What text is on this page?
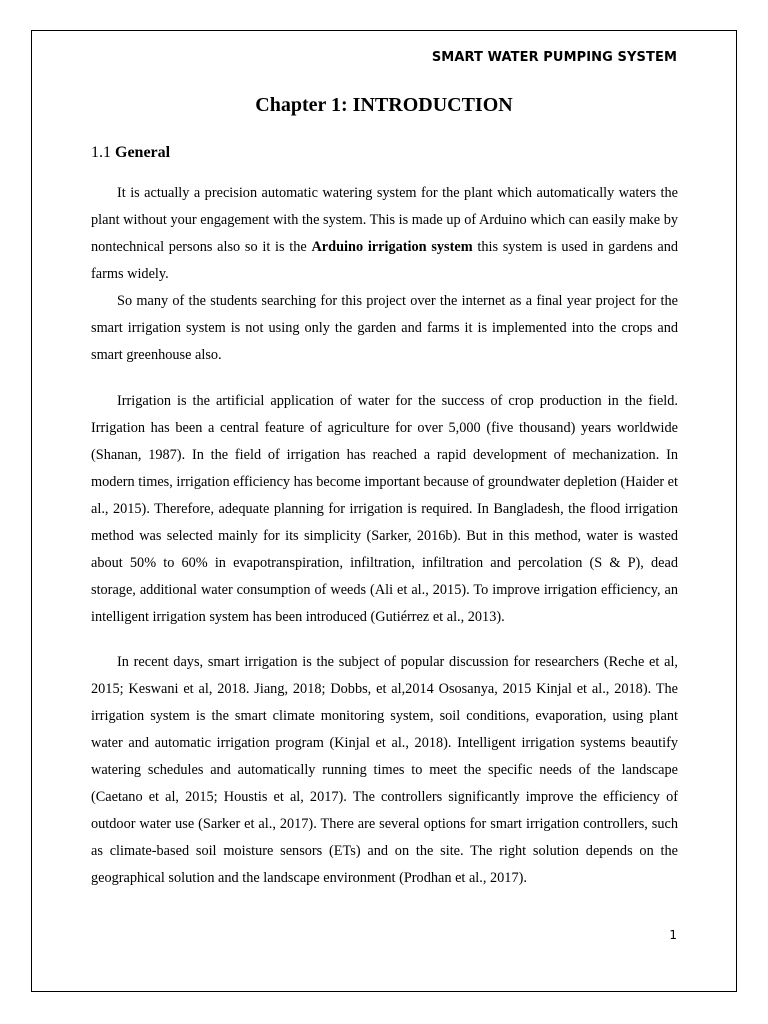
SMART WATER PUMPING SYSTEM
Chapter 1: INTRODUCTION
1.1 General

It is actually a precision automatic watering system for the plant which automatically waters the plant without your engagement with the system. This is made up of Arduino which can easily make by nontechnical persons also so it is the Arduino irrigation system this system is used in gardens and farms widely.

So many of the students searching for this project over the internet as a final year project for the smart irrigation system is not using only the garden and farms it is implemented into the crops and smart greenhouse also.

Irrigation is the artificial application of water for the success of crop production in the field. Irrigation has been a central feature of agriculture for over 5,000 (five thousand) years worldwide (Shanan, 1987). In the field of irrigation has reached a rapid development of mechanization. In modern times, irrigation efficiency has become important because of groundwater depletion (Haider et al., 2015). Therefore, adequate planning for irrigation is required. In Bangladesh, the flood irrigation method was selected mainly for its simplicity (Sarker, 2016b). But in this method, water is wasted about 50% to 60% in evapotranspiration, infiltration, infiltration and percolation (S & P), dead storage, additional water consumption of weeds (Ali et al., 2015). To improve irrigation efficiency, an intelligent irrigation system has been introduced (Gutiérrez et al., 2013).

In recent days, smart irrigation is the subject of popular discussion for researchers (Reche et al, 2015; Keswani et al, 2018. Jiang, 2018; Dobbs, et al,2014 Ososanya, 2015 Kinjal et al., 2018). The irrigation system is the smart climate monitoring system, soil conditions, evaporation, using plant water and automatic irrigation program (Kinjal et al., 2018). Intelligent irrigation systems beautify watering schedules and automatically running times to meet the specific needs of the landscape (Caetano et al, 2015; Houstis et al, 2017). The controllers significantly improve the efficiency of outdoor water use (Sarker et al., 2017). There are several options for smart irrigation controllers, such as climate-based soil moisture sensors (ETs) and on the site. The right solution depends on the geographical solution and the landscape environment (Prodhan et al., 2017).

1
